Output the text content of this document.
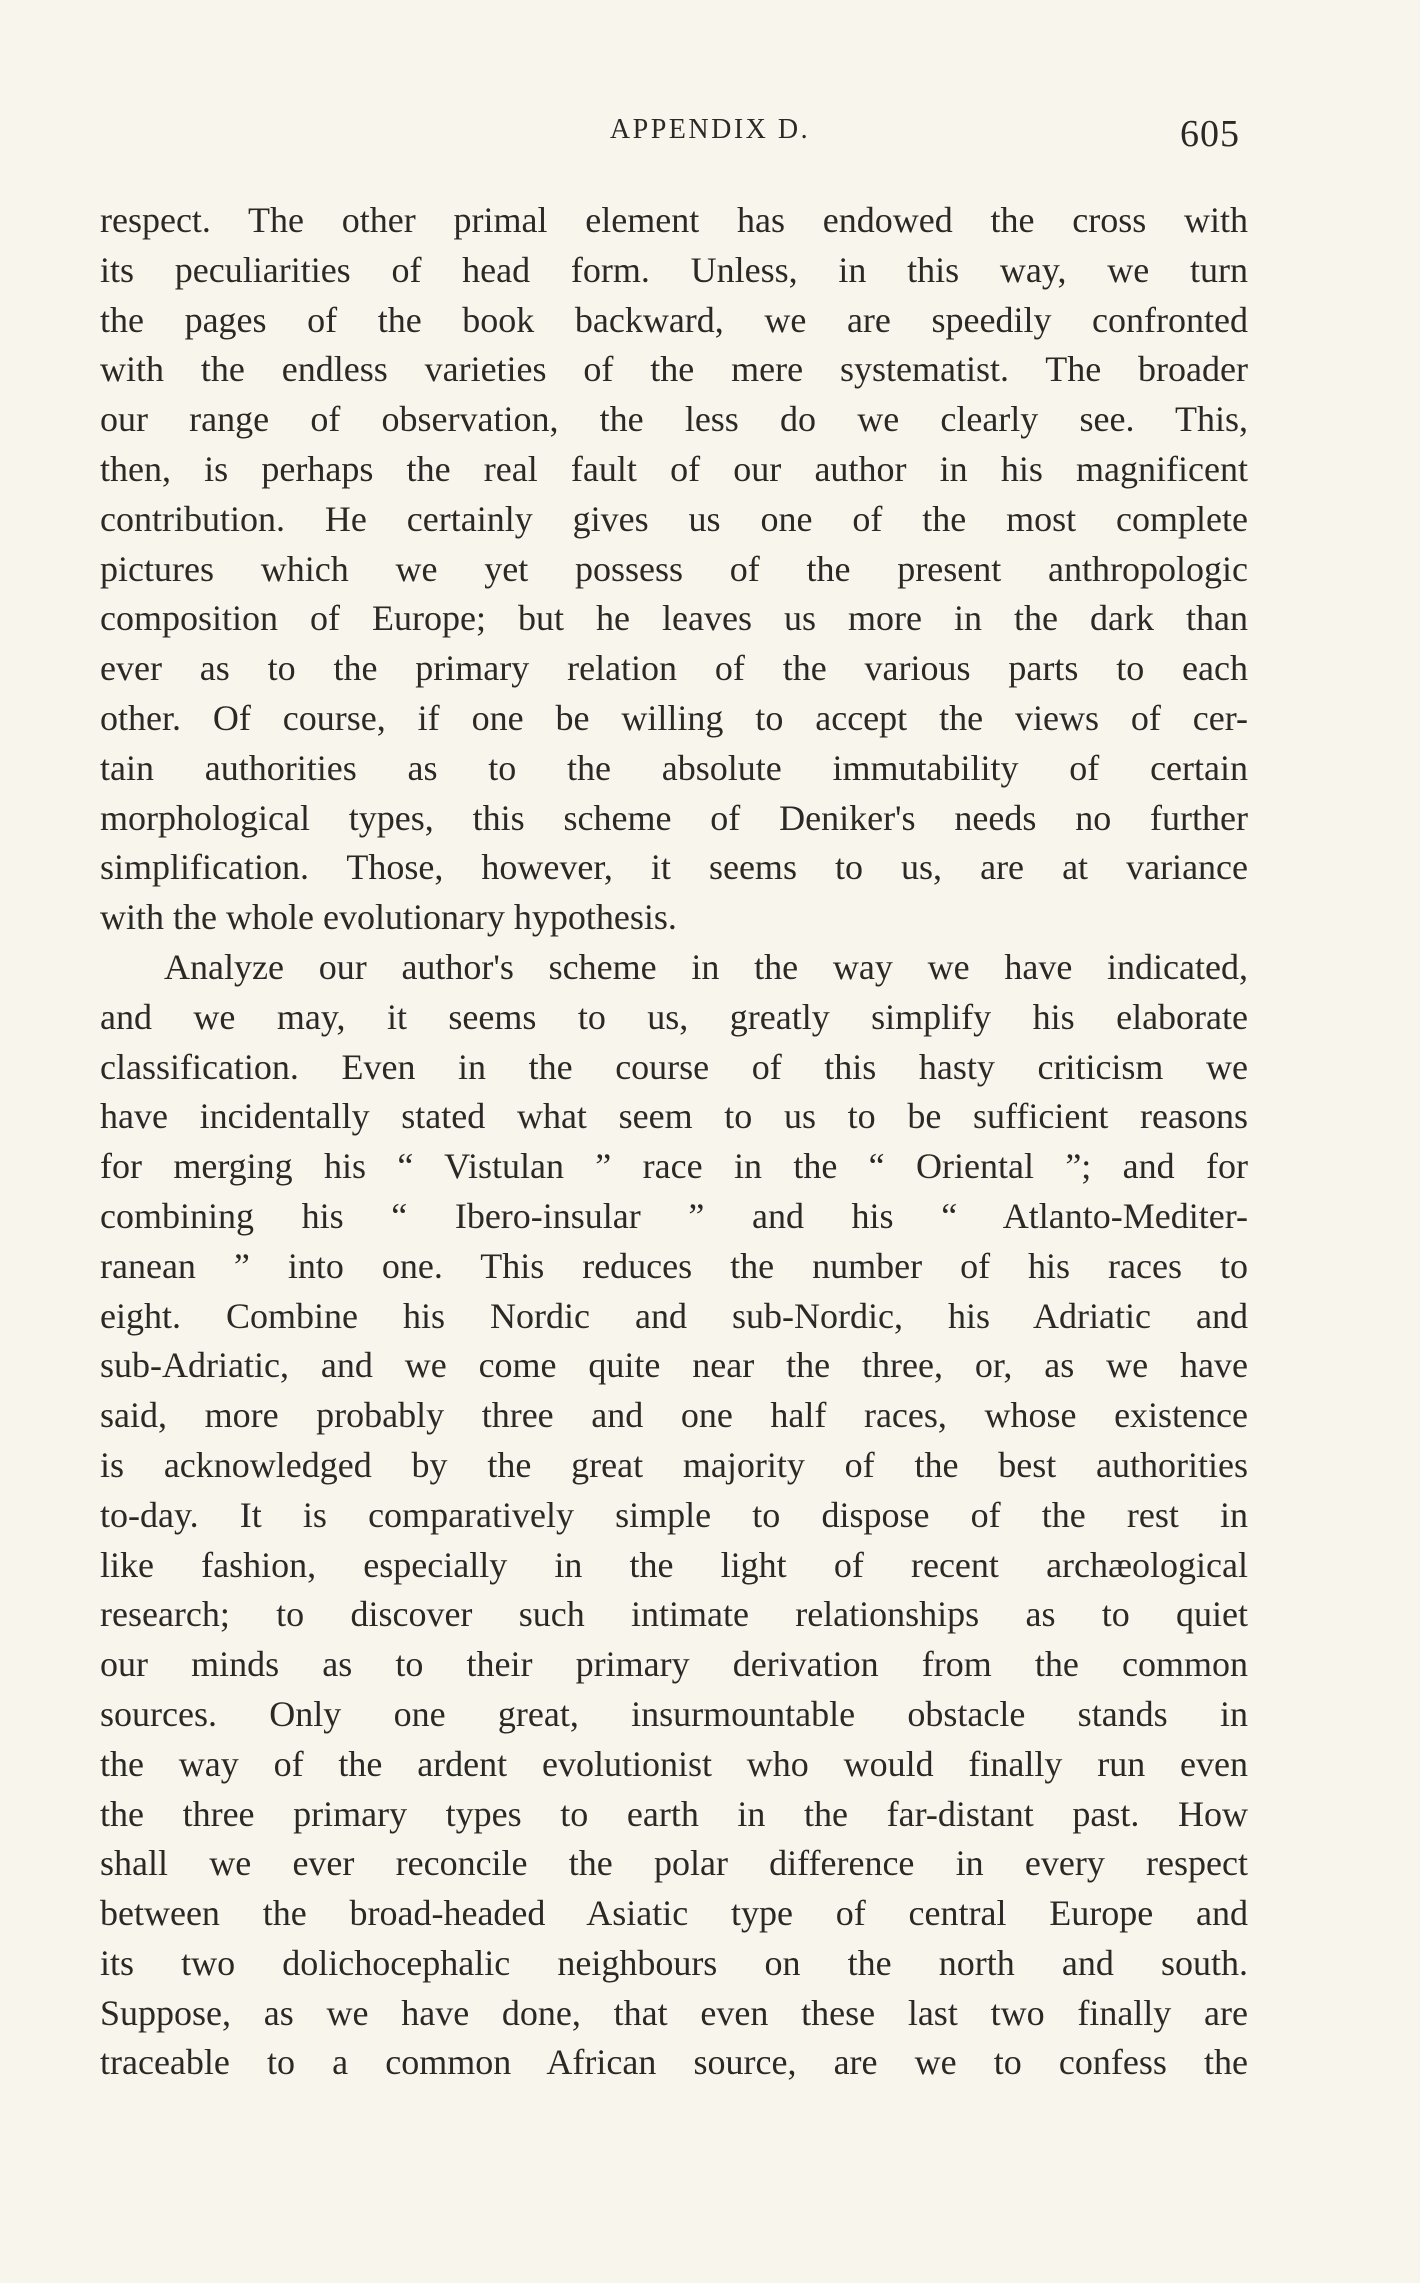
APPENDIX D.	605
respect. The other primal element has endowed the cross with
its peculiarities of head form. Unless, in this way, we turn
the pages of the book backward, we are speedily confronted
with the endless varieties of the mere systematist. The broader
our range of observation, the less do we clearly see. This,
then, is perhaps the real fault of our author in his magnificent
contribution. He certainly gives us one of the most complete
pictures which we yet possess of the present anthropologic
composition of Europe; but he leaves us more in the dark than
ever as to the primary relation of the various parts to each
other. Of course, if one be willing to accept the views of cer-
tain authorities as to the absolute immutability of certain
morphological types, this scheme of Deniker's needs no further
simplification. Those, however, it seems to us, are at variance
with the whole evolutionary hypothesis.
Analyze our author's scheme in the way we have indicated,
and we may, it seems to us, greatly simplify his elaborate
classification. Even in the course of this hasty criticism we
have incidentally stated what seem to us to be sufficient reasons
for merging his “ Vistulan ” race in the “ Oriental ”; and for
combining his “ Ibero-insular ” and his “ Atlanto-Mediter-
ranean ” into one. This reduces the number of his races to
eight. Combine his Nordic and sub-Nordic, his Adriatic and
sub-Adriatic, and we come quite near the three, or, as we have
said, more probably three and one half races, whose existence
is acknowledged by the great majority of the best authorities
to-day. It is comparatively simple to dispose of the rest in
like fashion, especially in the light of recent archæological
research; to discover such intimate relationships as to quiet
our minds as to their primary derivation from the common
sources. Only one great, insurmountable obstacle stands in
the way of the ardent evolutionist who would finally run even
the three primary types to earth in the far-distant past. How
shall we ever reconcile the polar difference in every respect
between the broad-headed Asiatic type of central Europe and
its two dolichocephalic neighbours on the north and south.
Suppose, as we have done, that even these last two finally are
traceable to a common African source, are we to confess the
